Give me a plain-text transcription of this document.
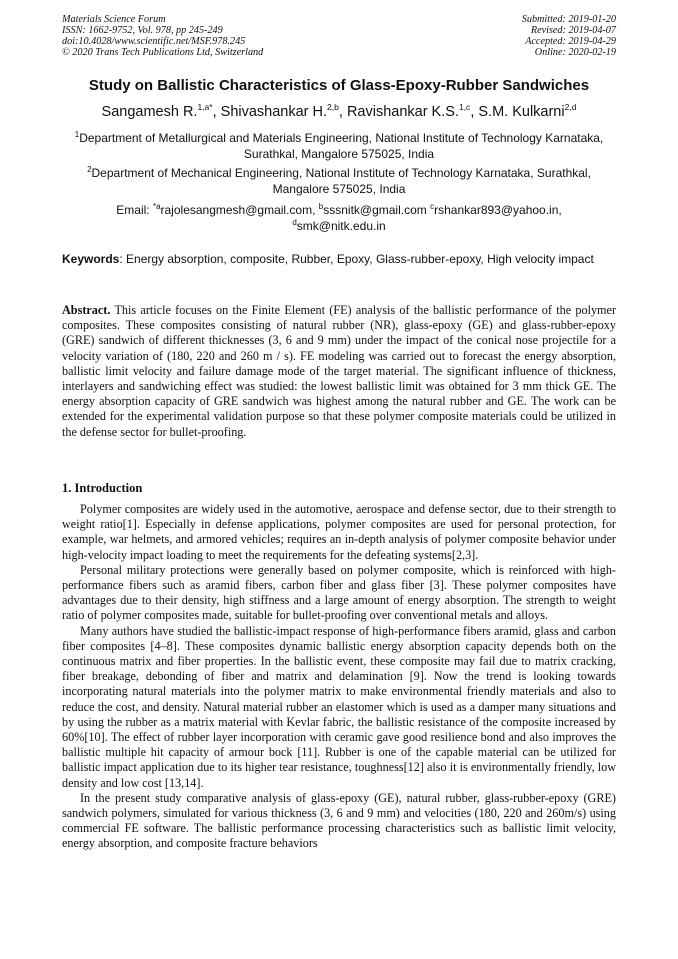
Materials Science Forum
ISSN: 1662-9752, Vol. 978, pp 245-249
doi:10.4028/www.scientific.net/MSF.978.245
© 2020 Trans Tech Publications Ltd, Switzerland
Submitted: 2019-01-20
Revised: 2019-04-07
Accepted: 2019-04-29
Online: 2020-02-19
Study on Ballistic Characteristics of Glass-Epoxy-Rubber Sandwiches
Sangamesh R.$^{1,a*}$, Shivashankar H.$^{2,b}$, Ravishankar K.S.$^{1,c}$, S.M. Kulkarni$^{2,d}$
$^1$Department of Metallurgical and Materials Engineering, National Institute of Technology Karnataka, Surathkal, Mangalore 575025, India
$^2$Department of Mechanical Engineering, National Institute of Technology Karnataka, Surathkal, Mangalore 575025, India
Email: $^{*a}$rajolesangmesh@gmail.com, $^b$sssnitk@gmail.com $^c$rshankar893@yahoo.in,
$^d$smk@nitk.edu.in
Keywords: Energy absorption, composite, Rubber, Epoxy, Glass-rubber-epoxy, High velocity impact
Abstract. This article focuses on the Finite Element (FE) analysis of the ballistic performance of the polymer composites. These composites consisting of natural rubber (NR), glass-epoxy (GE) and glass-rubber-epoxy (GRE) sandwich of different thicknesses (3, 6 and 9 mm) under the impact of the conical nose projectile for a velocity variation of (180, 220 and 260 m / s). FE modeling was carried out to forecast the energy absorption, ballistic limit velocity and failure damage mode of the target material. The significant influence of thickness, interlayers and sandwiching effect was studied: the lowest ballistic limit was obtained for 3 mm thick GE. The energy absorption capacity of GRE sandwich was highest among the natural rubber and GE. The work can be extended for the experimental validation purpose so that these polymer composite materials could be utilized in the defense sector for bullet-proofing.
1. Introduction

Polymer composites are widely used in the automotive, aerospace and defense sector, due to their strength to weight ratio[1]. Especially in defense applications, polymer composites are used for personal protection, for example, war helmets, and armored vehicles; requires an in-depth analysis of polymer composite behavior under high-velocity impact loading to meet the requirements for the defeating systems[2,3].

Personal military protections were generally based on polymer composite, which is reinforced with high-performance fibers such as aramid fibers, carbon fiber and glass fiber [3]. These polymer composites have advantages due to their density, high stiffness and a large amount of energy absorption. The strength to weight ratio of polymer composites made, suitable for bullet-proofing over conventional metals and alloys.

Many authors have studied the ballistic-impact response of high-performance fibers aramid, glass and carbon fiber composites [4–8]. These composites dynamic ballistic energy absorption capacity depends both on the continuous matrix and fiber properties. In the ballistic event, these composite may fail due to matrix cracking, fiber breakage, debonding of fiber and matrix and delamination [9]. Now the trend is looking towards incorporating natural materials into the polymer matrix to make environmental friendly materials and also to reduce the cost, and density. Natural material rubber an elastomer which is used as a damper many situations and by using the rubber as a matrix material with Kevlar fabric, the ballistic resistance of the composite increased by 60%[10]. The effect of rubber layer incorporation with ceramic gave good resilience bond and also improves the ballistic multiple hit capacity of armour bock [11]. Rubber is one of the capable material can be utilized for ballistic impact application due to its higher tear resistance, toughness[12] also it is environmentally friendly, low density and low cost [13,14].

In the present study comparative analysis of glass-epoxy (GE), natural rubber, glass-rubber-epoxy (GRE) sandwich polymers, simulated for various thickness (3, 6 and 9 mm) and velocities (180, 220 and 260m/s) using commercial FE software. The ballistic performance processing characteristics such as ballistic limit velocity, energy absorption, and composite fracture behaviors
